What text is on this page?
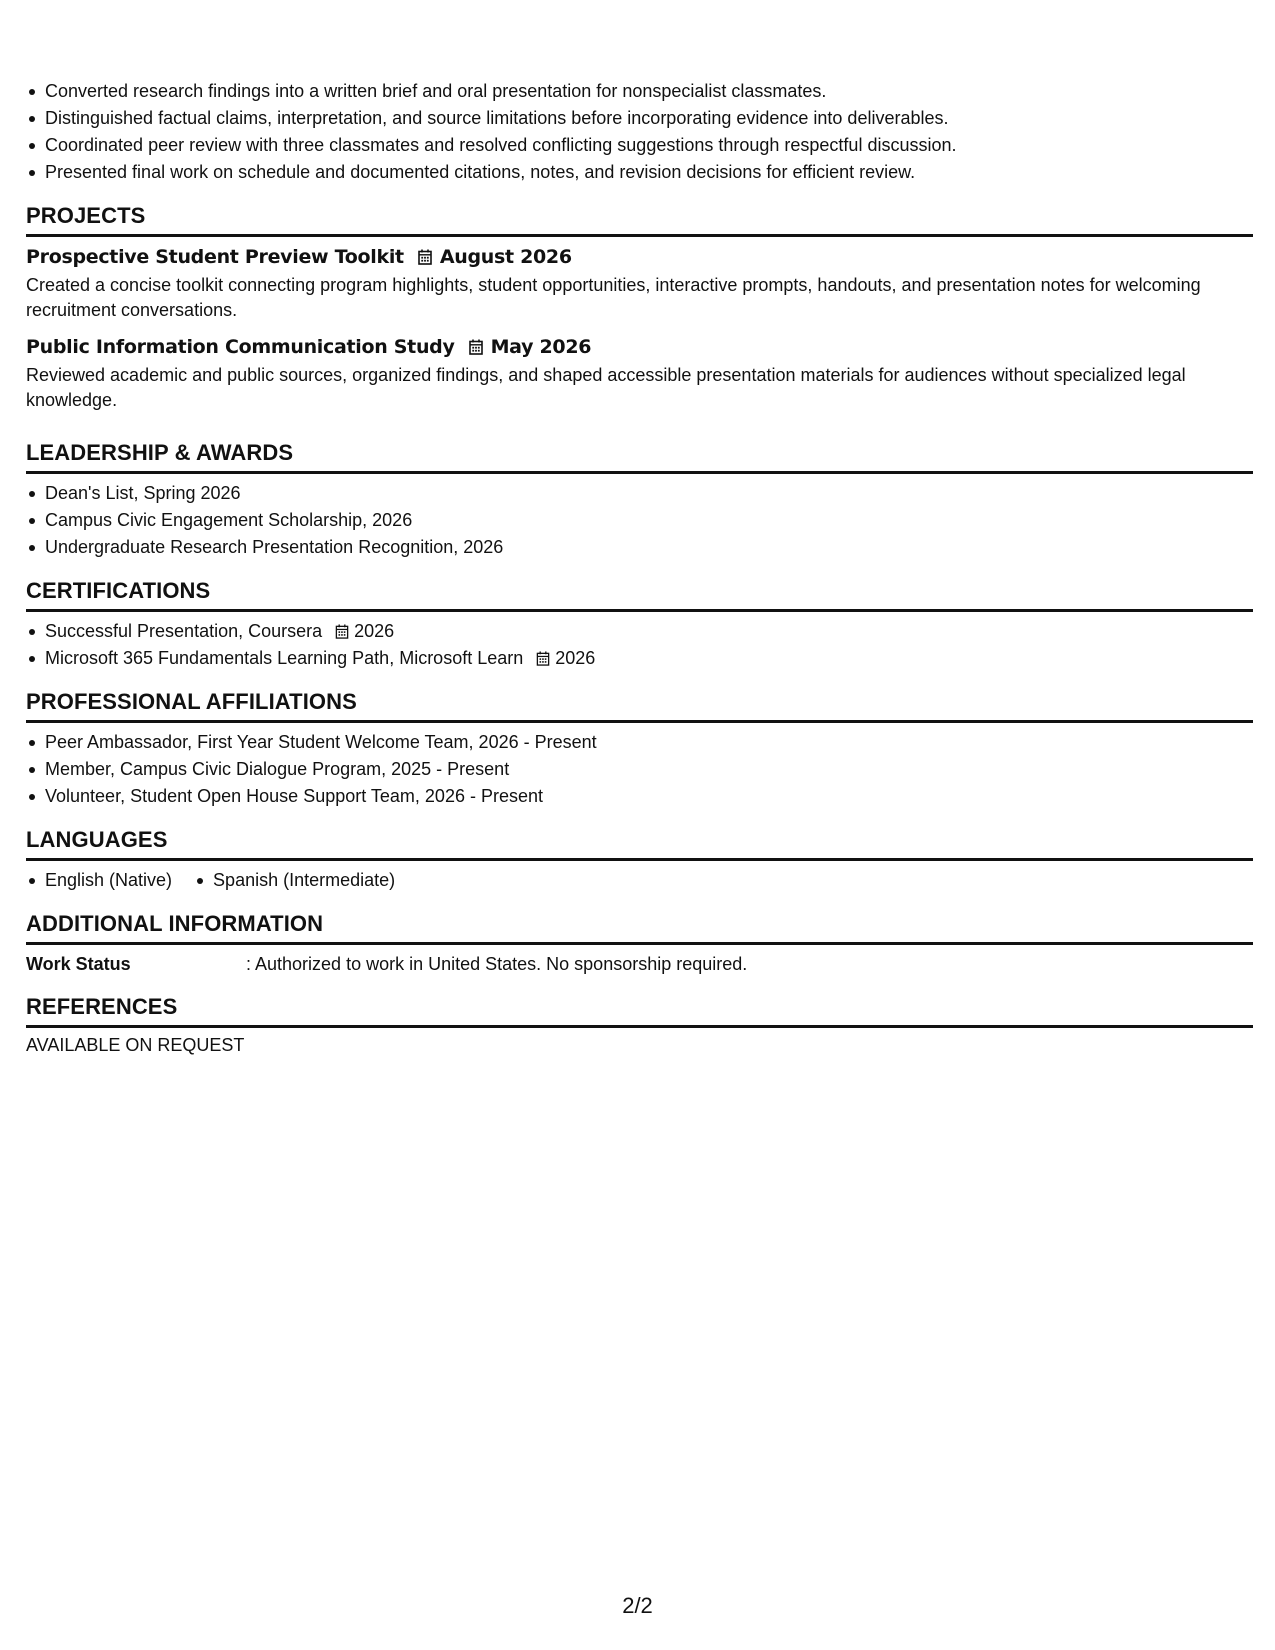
Converted research findings into a written brief and oral presentation for nonspecialist classmates.
Distinguished factual claims, interpretation, and source limitations before incorporating evidence into deliverables.
Coordinated peer review with three classmates and resolved conflicting suggestions through respectful discussion.
Presented final work on schedule and documented citations, notes, and revision decisions for efficient review.
PROJECTS
Prospective Student Preview Toolkit August 2026

Created a concise toolkit connecting program highlights, student opportunities, interactive prompts, handouts, and presentation notes for welcoming recruitment conversations.

Public Information Communication Study May 2026

Reviewed academic and public sources, organized findings, and shaped accessible presentation materials for audiences without specialized legal knowledge.

LEADERSHIP & AWARDS
Dean's List, Spring 2026
Campus Civic Engagement Scholarship, 2026
Undergraduate Research Presentation Recognition, 2026
CERTIFICATIONS
Successful Presentation, Coursera 2026
Microsoft 365 Fundamentals Learning Path, Microsoft Learn 2026
PROFESSIONAL AFFILIATIONS
Peer Ambassador, First Year Student Welcome Team, 2026 - Present
Member, Campus Civic Dialogue Program, 2025 - Present
Volunteer, Student Open House Support Team, 2026 - Present
LANGUAGES
English (Native)	Spanish (Intermediate)
ADDITIONAL INFORMATION
Work Status	: Authorized to work in United States. No sponsorship required.
REFERENCES
AVAILABLE ON REQUEST
2/2
